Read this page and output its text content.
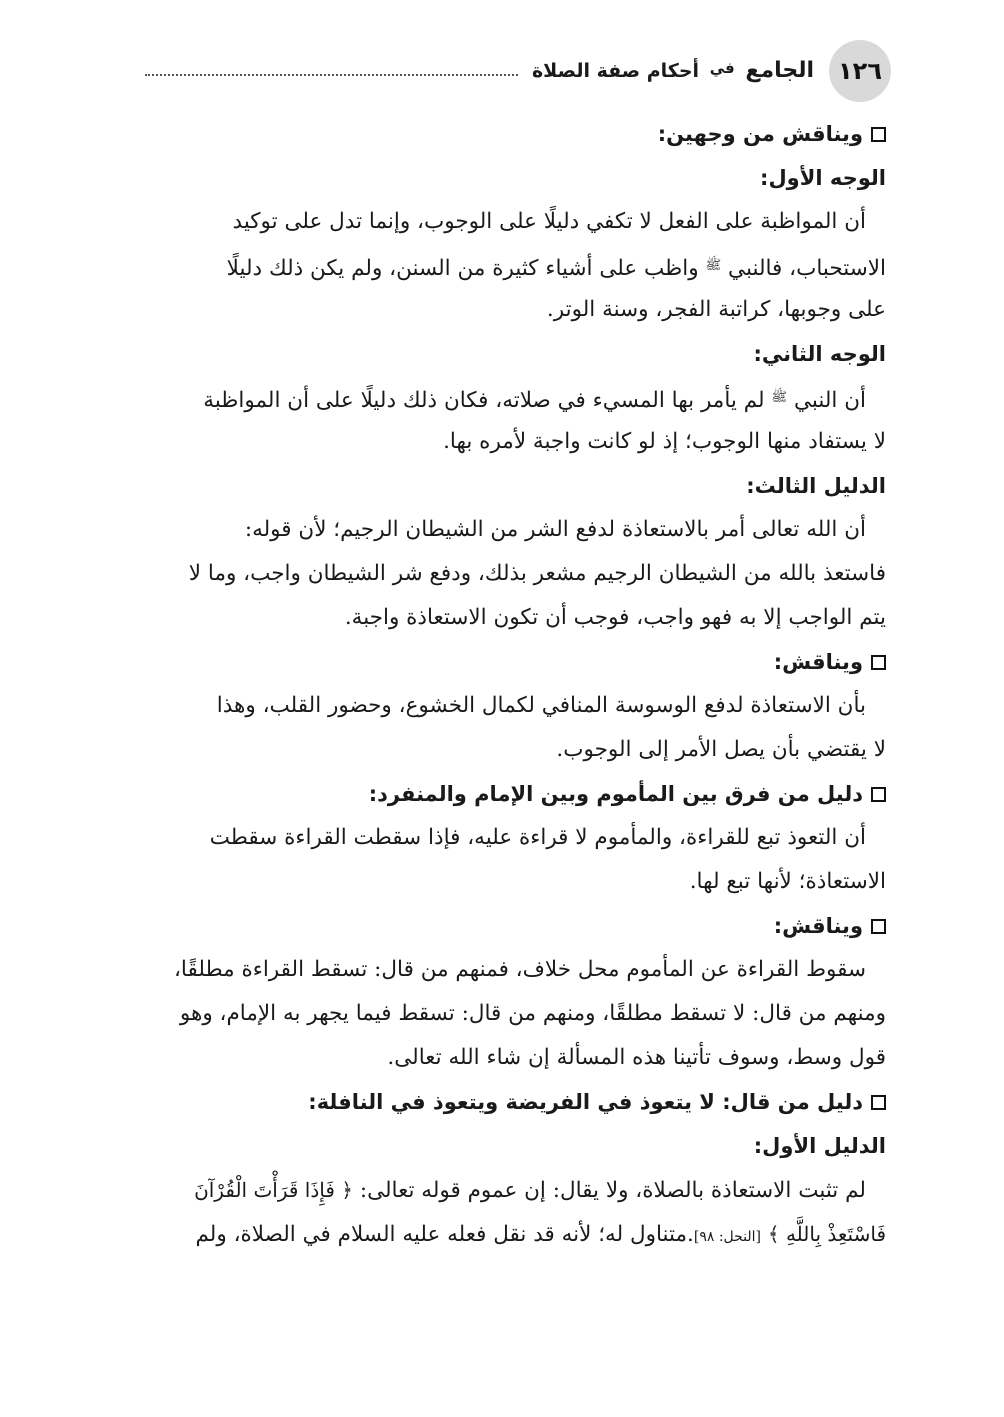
١٢٦
الجامع في أحكام صفة الصلاة
ويناقش من وجهين:
الوجه الأول:
أن المواظبة على الفعل لا تكفي دليلًا على الوجوب، وإنما تدل على توكيد
الاستحباب، فالنبي $^ﷺ$ واظب على أشياء كثيرة من السنن، ولم يكن ذلك دليلًا
على وجوبها، كراتبة الفجر، وسنة الوتر.
الوجه الثاني:
أن النبي $^ﷺ$ لم يأمر بها المسيء في صلاته، فكان ذلك دليلًا على أن المواظبة
لا يستفاد منها الوجوب؛ إذ لو كانت واجبة لأمره بها.
الدليل الثالث:
أن الله تعالى أمر بالاستعاذة لدفع الشر من الشيطان الرجيم؛ لأن قوله:
فاستعذ بالله من الشيطان الرجيم مشعر بذلك، ودفع شر الشيطان واجب، وما لا
يتم الواجب إلا به فهو واجب، فوجب أن تكون الاستعاذة واجبة.
ويناقش:
بأن الاستعاذة لدفع الوسوسة المنافي لكمال الخشوع، وحضور القلب، وهذا
لا يقتضي بأن يصل الأمر إلى الوجوب.
دليل من فرق بين المأموم وبين الإمام والمنفرد:
أن التعوذ تبع للقراءة، والمأموم لا قراءة عليه، فإذا سقطت القراءة سقطت
الاستعاذة؛ لأنها تبع لها.
ويناقش:
سقوط القراءة عن المأموم محل خلاف، فمنهم من قال: تسقط القراءة مطلقًا،
ومنهم من قال: لا تسقط مطلقًا، ومنهم من قال: تسقط فيما يجهر به الإمام، وهو
قول وسط، وسوف تأتينا هذه المسألة إن شاء الله تعالى.
دليل من قال: لا يتعوذ في الفريضة ويتعوذ في النافلة:
الدليل الأول:
لم تثبت الاستعاذة بالصلاة، ولا يقال: إن عموم قوله تعالى: ﴿ فَإِذَا قَرَأْتَ الْقُرْآنَ
فَاسْتَعِذْ بِاللَّهِ ﴾ [النحل: ٩٨].متناول له؛ لأنه قد نقل فعله عليه السلام في الصلاة، ولم
